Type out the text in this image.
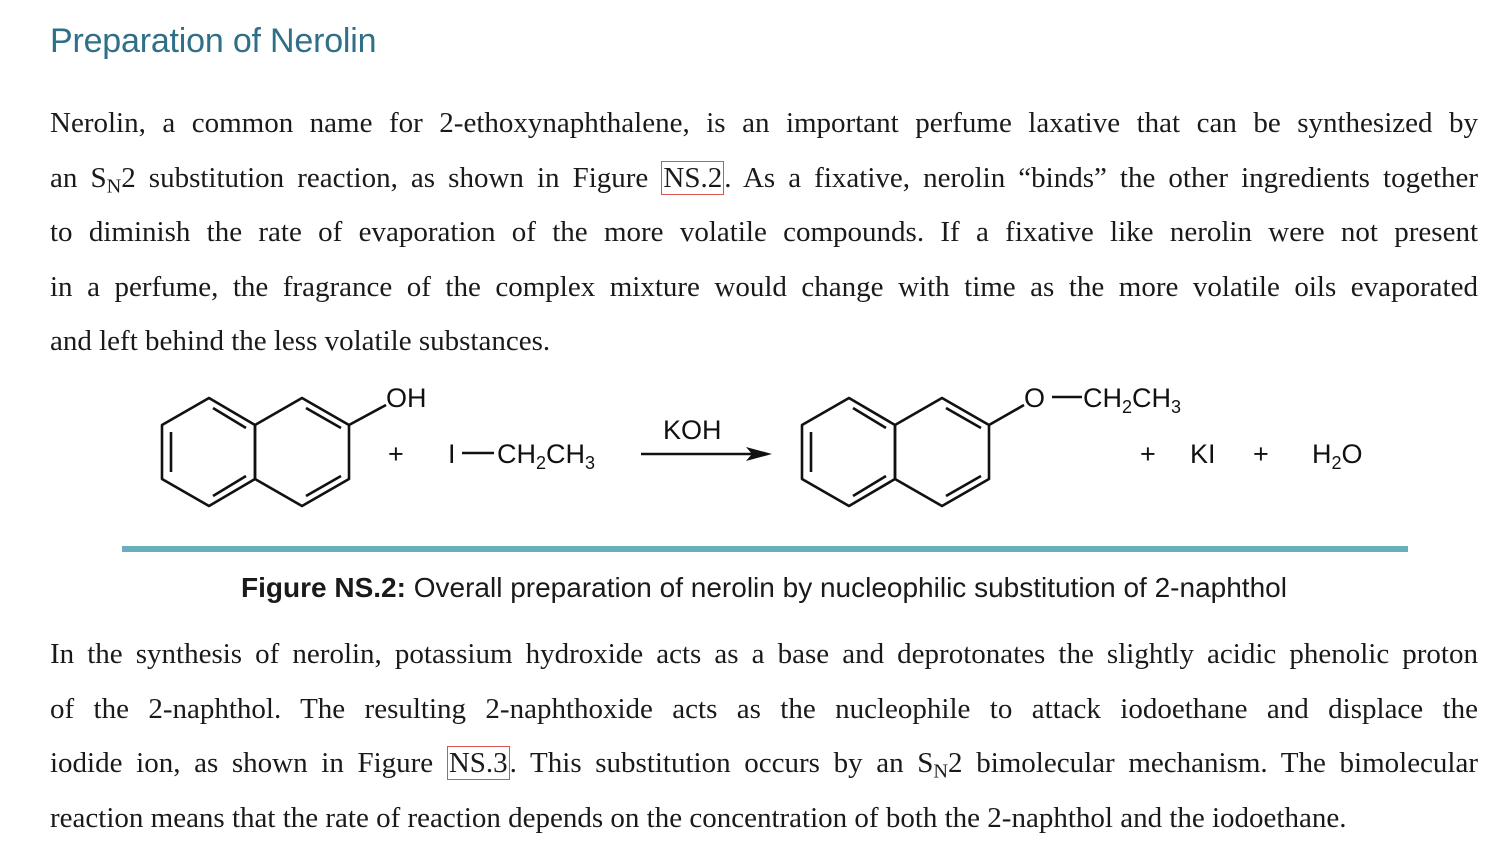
Preparation of Nerolin
Nerolin, a common name for 2-ethoxynaphthalene, is an important perfume laxative that can be synthesized by
an $S_N2$ substitution reaction, as shown in Figure NS.2. As a fixative, nerolin “binds” the other ingredients together
to diminish the rate of evaporation of the more volatile compounds. If a fixative like nerolin were not present
in a perfume, the fragrance of the complex mixture would change with time as the more volatile oils evaporated
and left behind the less volatile substances.
OH
+ I $CH_2CH_3$
KOH
O $CH_2CH_3$
+ KI + $H_2O$
Figure NS.2: Overall preparation of nerolin by nucleophilic substitution of 2-naphthol
In the synthesis of nerolin, potassium hydroxide acts as a base and deprotonates the slightly acidic phenolic proton
of the 2-naphthol. The resulting 2-naphthoxide acts as the nucleophile to attack iodoethane and displace the
iodide ion, as shown in Figure NS.3. This substitution occurs by an $S_N2$ bimolecular mechanism. The bimolecular
reaction means that the rate of reaction depends on the concentration of both the 2-naphthol and the iodoethane.
